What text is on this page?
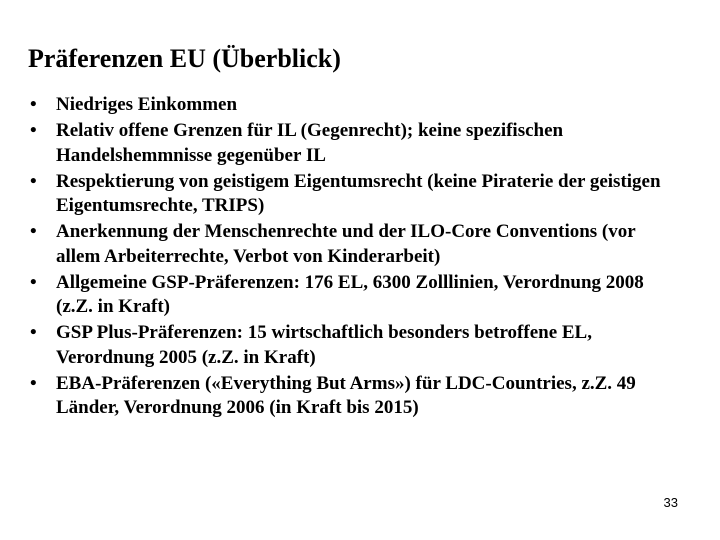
Präferenzen EU (Überblick)
• Niedriges Einkommen
• Relativ offene Grenzen für IL (Gegenrecht); keine spezifischen Handelshemmnisse gegenüber IL
• Respektierung von geistigem Eigentumsrecht (keine Piraterie der geistigen Eigentumsrechte, TRIPS)
• Anerkennung der Menschenrechte und der ILO-Core Conventions (vor allem Arbeiterrechte, Verbot von Kinderarbeit)
• Allgemeine GSP-Präferenzen: 176 EL, 6300 Zolllinien, Verordnung 2008 (z.Z. in Kraft)
• GSP Plus-Präferenzen: 15 wirtschaftlich besonders betroffene EL, Verordnung 2005 (z.Z. in Kraft)
• EBA-Präferenzen («Everything But Arms») für LDC-Countries, z.Z. 49 Länder, Verordnung 2006 (in Kraft bis 2015)
33
